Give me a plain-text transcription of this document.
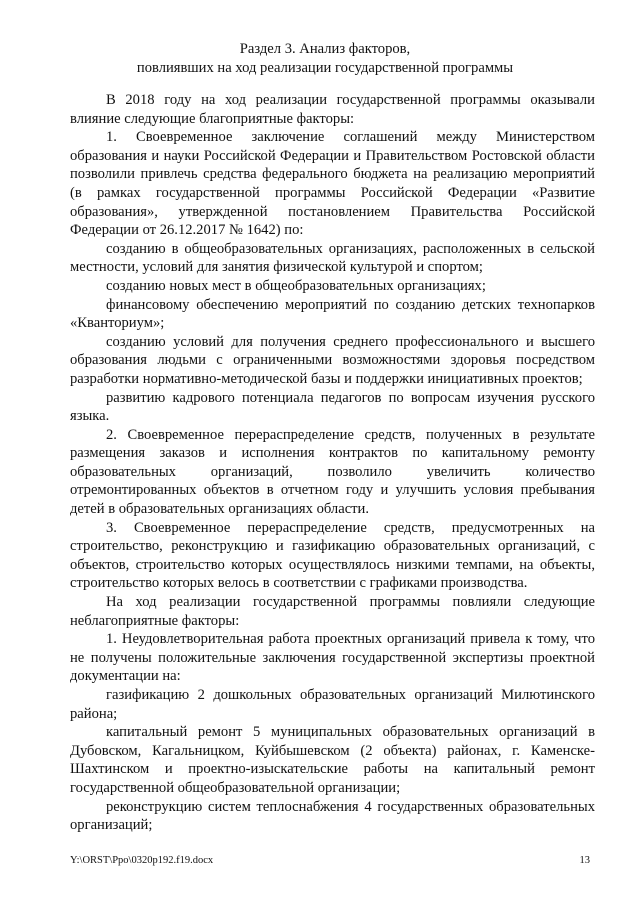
Раздел 3. Анализ факторов,
повлиявших на ход реализации государственной программы

В 2018 году на ход реализации государственной программы оказывали влияние следующие благоприятные факторы:

1. Своевременное заключение соглашений между Министерством образования и науки Российской Федерации и Правительством Ростовской области позволили привлечь средства федерального бюджета на реализацию мероприятий (в рамках государственной программы Российской Федерации «Развитие образования», утвержденной постановлением Правительства Российской Федерации от 26.12.2017 № 1642) по:

созданию в общеобразовательных организациях, расположенных в сельской местности, условий для занятия физической культурой и спортом;

созданию новых мест в общеобразовательных организациях;

финансовому обеспечению мероприятий по созданию детских технопарков «Кванториум»;

созданию условий для получения среднего профессионального и высшего образования людьми с ограниченными возможностями здоровья посредством разработки нормативно-методической базы и поддержки инициативных проектов;

развитию кадрового потенциала педагогов по вопросам изучения русского языка.

2. Своевременное перераспределение средств, полученных в результате размещения заказов и исполнения контрактов по капитальному ремонту образовательных организаций, позволило увеличить количество отремонтированных объектов в отчетном году и улучшить условия пребывания детей в образовательных организациях области.

3. Своевременное перераспределение средств, предусмотренных на строительство, реконструкцию и газификацию образовательных организаций, с объектов, строительство которых осуществлялось низкими темпами, на объекты, строительство которых велось в соответствии с графиками производства.

На ход реализации государственной программы повлияли следующие неблагоприятные факторы:

1. Неудовлетворительная работа проектных организаций привела к тому, что не получены положительные заключения государственной экспертизы проектной документации на:

газификацию 2 дошкольных образовательных организаций Милютинского района;

капитальный ремонт 5 муниципальных образовательных организаций в Дубовском, Кагальницком, Куйбышевском (2 объекта) районах, г. Каменске-Шахтинском и проектно-изыскательские работы на капитальный ремонт государственной общеобразовательной организации;

реконструкцию систем теплоснабжения 4 государственных образовательных организаций;

Y:\ORST\Ppo\0320p192.f19.docx	13
